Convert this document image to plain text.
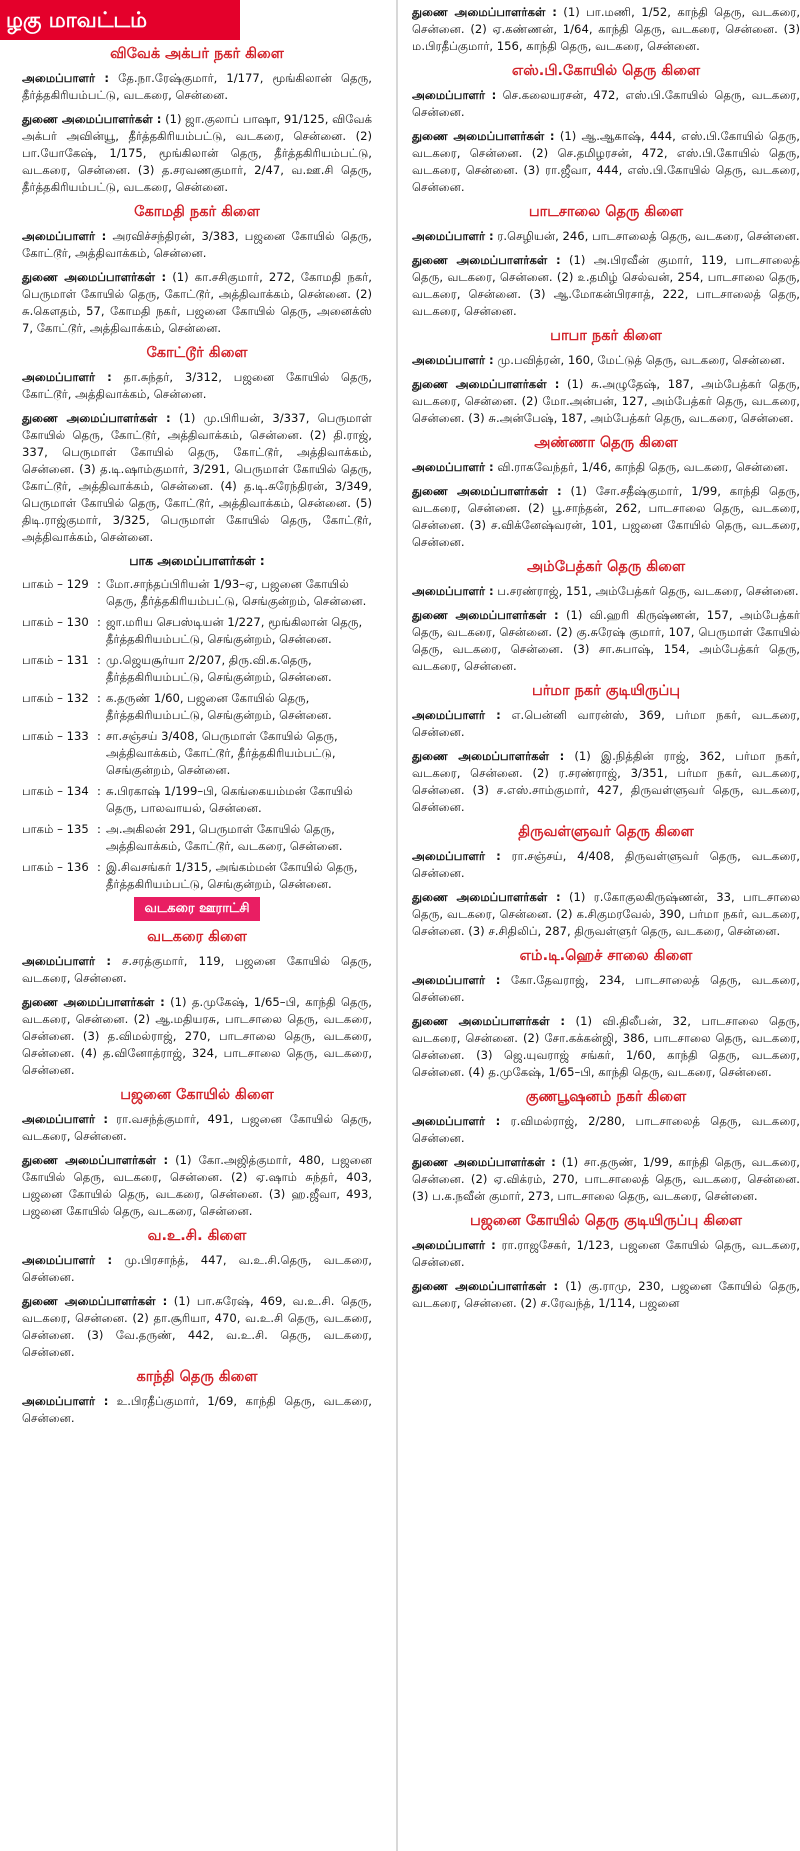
ழகு மாவட்டம்
விவேக் அக்பர் நகர் கிளை

அமைப்பாளர் : தே.நா.ரேஷ்குமார், 1/177, மூங்கிலான் தெரு, தீர்த்தகிரியம்பட்டு, வடகரை, சென்னை.

துணை அமைப்பாளர்கள் : (1) ஜா.குலாப் பாஷா, 91/125, விவேக் அக்பர் அவின்யூ, தீர்த்தகிரியம்பட்டு, வடகரை, சென்னை. (2) பா.யோகேஷ், 1/175, மூங்கிலான் தெரு, தீர்த்தகிரியம்பட்டு, வடகரை, சென்னை. (3) த.சரவணகுமார், 2/47, வ.ஊ.சி தெரு, தீர்த்தகிரியம்பட்டு, வடகரை, சென்னை.

கோமதி நகர் கிளை

அமைப்பாளர் : அரவிச்சந்திரன், 3/383, பஜனை கோயில் தெரு, கோட்டூர், அத்திவாக்கம், சென்னை.

துணை அமைப்பாளர்கள் : (1) கா.சசிகுமார், 272, கோமதி நகர், பெருமாள் கோயில் தெரு, கோட்டூர், அத்திவாக்கம், சென்னை. (2) சு.கௌதம், 57, கோமதி நகர், பஜனை கோயில் தெரு, அனைக்ஸ் 7, கோட்டூர், அத்திவாக்கம், சென்னை.

கோட்டூர் கிளை

அமைப்பாளர் : தா.சுந்தர், 3/312, பஜனை கோயில் தெரு, கோட்டூர், அத்திவாக்கம், சென்னை.

துணை அமைப்பாளர்கள் : (1) மு.பிரியன், 3/337, பெருமாள் கோயில் தெரு, கோட்டூர், அத்திவாக்கம், சென்னை. (2) தி.ராஜ், 337, பெருமாள் கோயில் தெரு, கோட்டூர், அத்திவாக்கம், சென்னை. (3) த.டி.ஷாம்குமார், 3/291, பெருமாள் கோயில் தெரு, கோட்டூர், அத்திவாக்கம், சென்னை. (4) த.டி.சுரேந்திரன், 3/349, பெருமாள் கோயில் தெரு, கோட்டூர், அத்திவாக்கம், சென்னை. (5) திடி.ராஜ்குமார், 3/325, பெருமாள் கோயில் தெரு, கோட்டூர், அத்திவாக்கம், சென்னை.

பாக அமைப்பாளர்கள் :
பாகம் – 129 : மோ.சாந்தப்பிரியன் 1/93–ஏ, பஜனை கோயில் தெரு, தீர்த்தகிரியம்பட்டு, செங்குன்றம், சென்னை.
பாகம் – 130 : ஜா.மரிய செபஸ்டியன் 1/227, மூங்கிலான் தெரு, தீர்த்தகிரியம்பட்டு, செங்குன்றம், சென்னை.
பாகம் – 131 : மு.ஜெயசூர்யா 2/207, திரு.வி.க.தெரு, தீர்த்தகிரியம்பட்டு, செங்குன்றம், சென்னை.
பாகம் – 132 : க.தருண் 1/60, பஜனை கோயில் தெரு, தீர்த்தகிரியம்பட்டு, செங்குன்றம், சென்னை.
பாகம் – 133 : சா.சஞ்சய் 3/408, பெருமாள் கோயில் தெரு, அத்திவாக்கம், கோட்டூர், தீர்த்தகிரியம்பட்டு, செங்குன்றம், சென்னை.
பாகம் – 134 : சு.பிரகாஷ் 1/199–பி, கெங்கையம்மன் கோயில் தெரு, பாலவாயல், சென்னை.
பாகம் – 135 : அ.அகிலன் 291, பெருமாள் கோயில் தெரு, அத்திவாக்கம், கோட்டூர், வடகரை, சென்னை.
பாகம் – 136 : இ.சிவசங்கர் 1/315, அங்கம்மன் கோயில் தெரு, தீர்த்தகிரியம்பட்டு, செங்குன்றம், சென்னை.
வடகரை ஊராட்சி
வடகரை கிளை

அமைப்பாளர் : ச.சரத்குமார், 119, பஜனை கோயில் தெரு, வடகரை, சென்னை.

துணை அமைப்பாளர்கள் : (1) த.முகேஷ், 1/65–பி, காந்தி தெரு, வடகரை, சென்னை. (2) ஆ.மதியரசு, பாடசாலை தெரு, வடகரை, சென்னை. (3) த.விமல்ராஜ், 270, பாடசாலை தெரு, வடகரை, சென்னை. (4) த.வினோத்ராஜ், 324, பாடசாலை தெரு, வடகரை, சென்னை.

பஜனை கோயில் கிளை

அமைப்பாளர் : ரா.வசந்த்குமார், 491, பஜனை கோயில் தெரு, வடகரை, சென்னை.

துணை அமைப்பாளர்கள் : (1) கோ.அஜித்குமார், 480, பஜனை கோயில் தெரு, வடகரை, சென்னை. (2) ஏ.ஷாம் சுந்தர், 403, பஜனை கோயில் தெரு, வடகரை, சென்னை. (3) ஹ.ஜீவா, 493, பஜனை கோயில் தெரு, வடகரை, சென்னை.

வ.உ.சி. கிளை

அமைப்பாளர் : மு.பிரசாந்த், 447, வ.உ.சி.தெரு, வடகரை, சென்னை.

துணை அமைப்பாளர்கள் : (1) பா.சுரேஷ், 469, வ.உ.சி. தெரு, வடகரை, சென்னை. (2) தா.சூரியா, 470, வ.உ.சி தெரு, வடகரை, சென்னை. (3) வே.தருண், 442, வ.உ.சி. தெரு, வடகரை, சென்னை.

காந்தி தெரு கிளை

அமைப்பாளர் : உ.பிரதீப்குமார், 1/69, காந்தி தெரு, வடகரை, சென்னை.

துணை அமைப்பாளர்கள் : (1) பா.மணி, 1/52, காந்தி தெரு, வடகரை, சென்னை. (2) ஏ.கண்ணன், 1/64, காந்தி தெரு, வடகரை, சென்னை. (3) ம.பிரதீப்குமார், 156, காந்தி தெரு, வடகரை, சென்னை.

எஸ்.பி.கோயில் தெரு கிளை

அமைப்பாளர் : செ.கலையரசன், 472, எஸ்.பி.கோயில் தெரு, வடகரை, சென்னை.

துணை அமைப்பாளர்கள் : (1) ஆ.ஆகாஷ், 444, எஸ்.பி.கோயில் தெரு, வடகரை, சென்னை. (2) செ.தமிழரசன், 472, எஸ்.பி.கோயில் தெரு, வடகரை, சென்னை. (3) ரா.ஜீவா, 444, எஸ்.பி.கோயில் தெரு, வடகரை, சென்னை.

பாடசாலை தெரு கிளை

அமைப்பாளர் : ர.செழியன், 246, பாடசாலைத் தெரு, வடகரை, சென்னை.

துணை அமைப்பாளர்கள் : (1) அ.பிரவீன் குமார், 119, பாடசாலைத் தெரு, வடகரை, சென்னை. (2) ௨.தமிழ் செல்வன், 254, பாடசாலை தெரு, வடகரை, சென்னை. (3) ஆ.மோகன்பிரசாத், 222, பாடசாலைத் தெரு, வடகரை, சென்னை.

பாபா நகர் கிளை

அமைப்பாளர் : மு.பவித்ரன், 160, மேட்டுத் தெரு, வடகரை, சென்னை.

துணை அமைப்பாளர்கள் : (1) சு.அழுதேஷ், 187, அம்பேத்கர் தெரு, வடகரை, சென்னை. (2) மோ.அன்பன், 127, அம்பேத்கர் தெரு, வடகரை, சென்னை. (3) சு.அன்பேஷ், 187, அம்பேத்கர் தெரு, வடகரை, சென்னை.

அண்ணா தெரு கிளை

அமைப்பாளர் : வி.ராகவேந்தர், 1/46, காந்தி தெரு, வடகரை, சென்னை.

துணை அமைப்பாளர்கள் : (1) சோ.சதீஷ்குமார், 1/99, காந்தி தெரு, வடகரை, சென்னை. (2) பூ.சாந்தன், 262, பாடசாலை தெரு, வடகரை, சென்னை. (3) ச.விக்னேஷ்வரன், 101, பஜனை கோயில் தெரு, வடகரை, சென்னை.

அம்பேத்கர் தெரு கிளை

அமைப்பாளர் : ப.சரண்ராஜ், 151, அம்பேத்கர் தெரு, வடகரை, சென்னை.

துணை அமைப்பாளர்கள் : (1) வி.ஹரி கிருஷ்ணன், 157, அம்பேத்கர் தெரு, வடகரை, சென்னை. (2) கு.சுரேஷ் குமார், 107, பெருமாள் கோயில் தெரு, வடகரை, சென்னை. (3) சா.சுபாஷ், 154, அம்பேத்கர் தெரு, வடகரை, சென்னை.

பர்மா நகர் குடியிருப்பு

அமைப்பாளர் : எ.பென்னி வாரன்ஸ், 369, பர்மா நகர், வடகரை, சென்னை.

துணை அமைப்பாளர்கள் : (1) இ.நித்தின் ராஜ், 362, பர்மா நகர், வடகரை, சென்னை. (2) ர.சரண்ராஜ், 3/351, பர்மா நகர், வடகரை, சென்னை. (3) ச.எஸ்.சாம்குமார், 427, திருவள்ளுவர் தெரு, வடகரை, சென்னை.

திருவள்ளுவர் தெரு கிளை

அமைப்பாளர் : ரா.சஞ்சய், 4/408, திருவள்ளுவர் தெரு, வடகரை, சென்னை.

துணை அமைப்பாளர்கள் : (1) ர.கோகுலகிருஷ்ணன், 33, பாடசாலை தெரு, வடகரை, சென்னை. (2) க.சிகுமரவேல், 390, பர்மா நகர், வடகரை, சென்னை. (3) ச.சிதிலிப், 287, திருவள்ளுர் தெரு, வடகரை, சென்னை.

எம்.டி.ஹெச் சாலை கிளை

அமைப்பாளர் : கோ.தேவராஜ், 234, பாடசாலைத் தெரு, வடகரை, சென்னை.

துணை அமைப்பாளர்கள் : (1) வி.திலீபன், 32, பாடசாலை தெரு, வடகரை, சென்னை. (2) சோ.கக்கன்ஜி, 386, பாடசாலை தெரு, வடகரை, சென்னை. (3) ஜெ.யுவராஜ் சங்கர், 1/60, காந்தி தெரு, வடகரை, சென்னை. (4) த.முகேஷ், 1/65–பி, காந்தி தெரு, வடகரை, சென்னை.

குணபூஷனம் நகர் கிளை

அமைப்பாளர் : ர.விமல்ராஜ், 2/280, பாடசாலைத் தெரு, வடகரை, சென்னை.

துணை அமைப்பாளர்கள் : (1) சா.தருண், 1/99, காந்தி தெரு, வடகரை, சென்னை. (2) ஏ.விக்ரம், 270, பாடசாலைத் தெரு, வடகரை, சென்னை. (3) ப.க.நவீன் குமார், 273, பாடசாலை தெரு, வடகரை, சென்னை.

பஜனை கோயில் தெரு குடியிருப்பு கிளை

அமைப்பாளர் : ரா.ராஜசேகர், 1/123, பஜனை கோயில் தெரு, வடகரை, சென்னை.

துணை அமைப்பாளர்கள் : (1) கு.ராமு, 230, பஜனை கோயில் தெரு, வடகரை, சென்னை. (2) ச.ரேவந்த், 1/114, பஜனை
